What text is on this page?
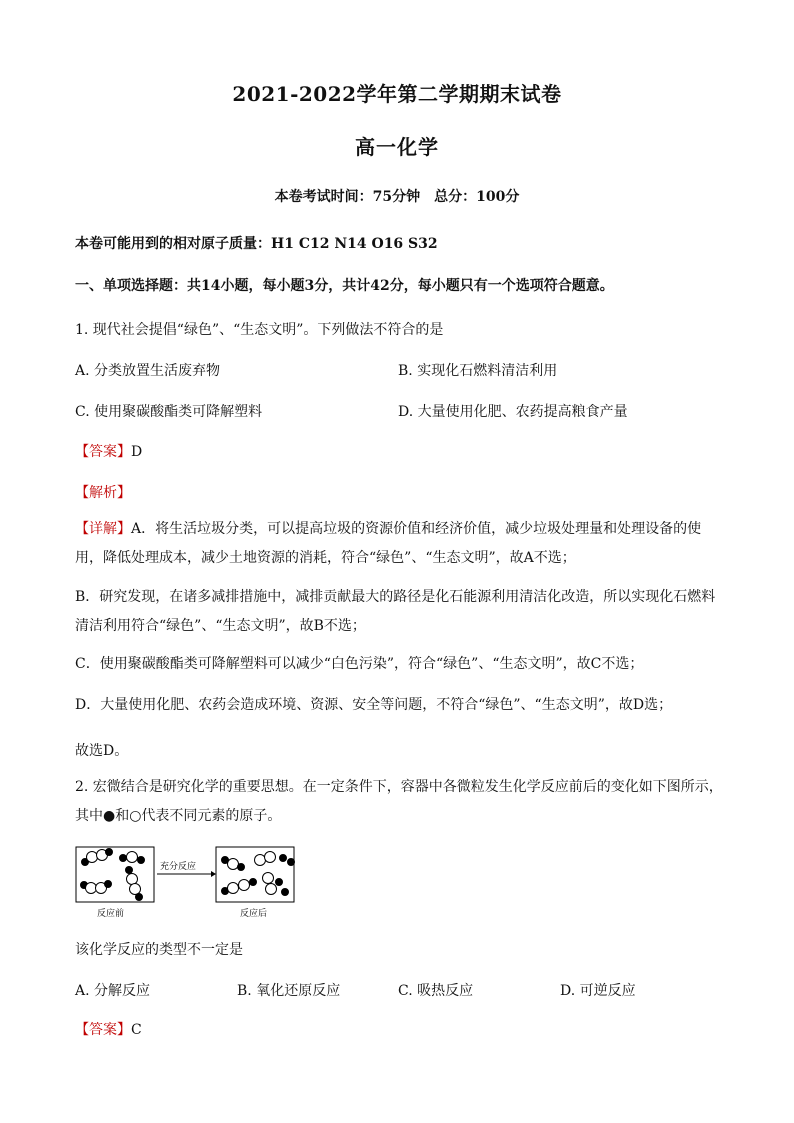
2021-2022学年第二学期期末试卷
高一化学
本卷考试时间：75分钟　总分：100分
本卷可能用到的相对原子质量：H1 C12 N14 O16 S32
一、单项选择题：共14小题，每小题3分，共计42分，每小题只有一个选项符合题意。
1. 现代社会提倡“绿色”、“生态文明”。下列做法不符合的是
A. 分类放置生活废弃物	B. 实现化石燃料清洁利用
C. 使用聚碳酸酯类可降解塑料	D. 大量使用化肥、农药提高粮食产量
【答案】D
【解析】
【详解】A．将生活垃圾分类，可以提高垃圾的资源价值和经济价值，减少垃圾处理量和处理设备的使用，降低处理成本，减少土地资源的消耗，符合“绿色”、“生态文明”，故A不选；
B．研究发现，在诸多减排措施中，减排贡献最大的路径是化石能源利用清洁化改造，所以实现化石燃料清洁利用符合“绿色”、“生态文明”，故B不选；
C．使用聚碳酸酯类可降解塑料可以减少“白色污染”，符合“绿色”、“生态文明”，故C不选；
D．大量使用化肥、农药会造成环境、资源、安全等问题，不符合“绿色”、“生态文明”，故D选；
故选D。
2. 宏微结合是研究化学的重要思想。在一定条件下，容器中各微粒发生化学反应前后的变化如下图所示，其中●和○代表不同元素的原子。
充分反应
反应前	反应后
该化学反应的类型不一定是
A. 分解反应	B. 氧化还原反应	C. 吸热反应	D. 可逆反应
【答案】C
